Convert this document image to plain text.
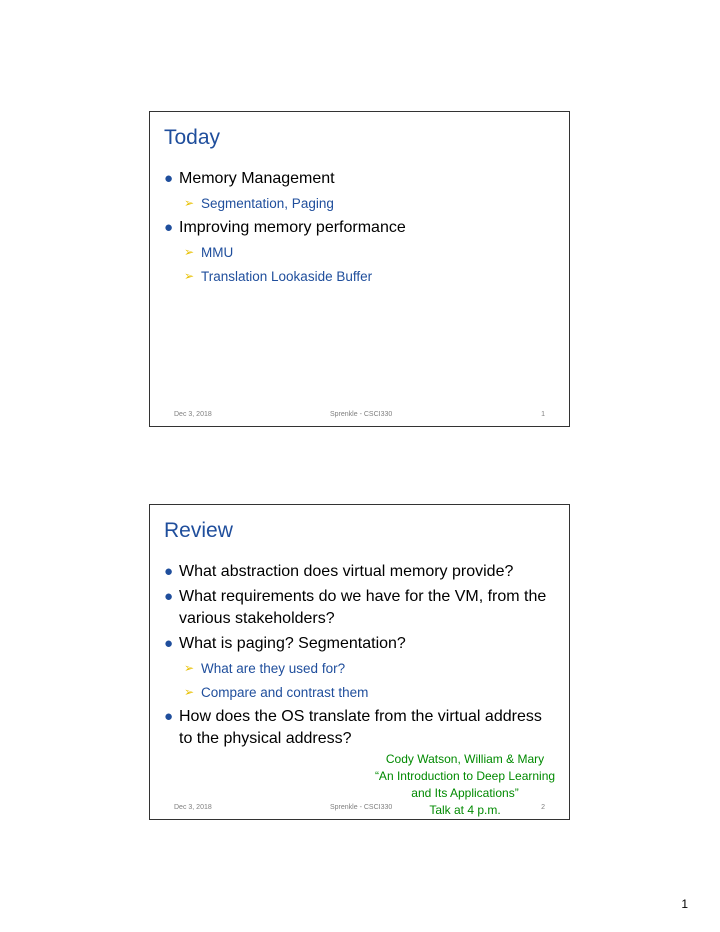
Today
● Memory Management
➢ Segmentation, Paging
● Improving memory performance
➢ MMU
➢ Translation Lookaside Buffer
Dec 3, 2018	Sprenkle - CSCI330	1
Review
● What abstraction does virtual memory provide?
● What requirements do we have for the VM, from the various stakeholders?
● What is paging? Segmentation?
➢ What are they used for?
➢ Compare and contrast them
● How does the OS translate from the virtual address to the physical address?
Cody Watson, William & Mary
“An Introduction to Deep Learning
and Its Applications”
Talk at 4 p.m.
Dec 3, 2018	Sprenkle - CSCI330	2
1
